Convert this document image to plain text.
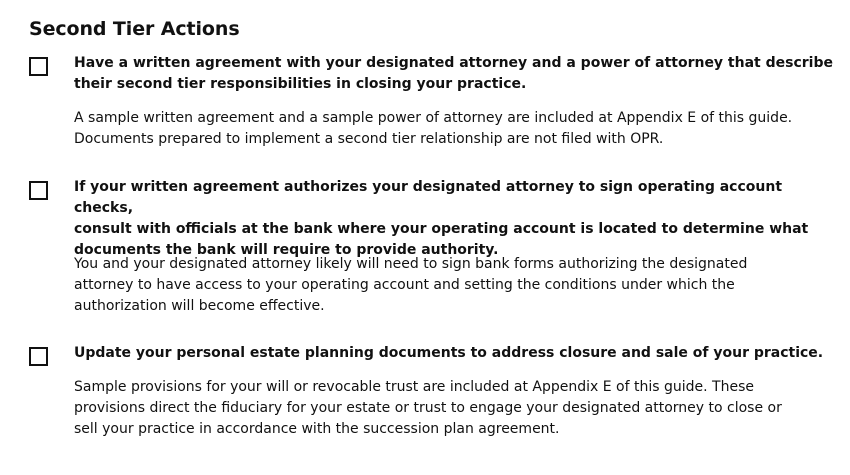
Second Tier Actions

Have a written agreement with your designated attorney and a power of attorney that describe
their second tier responsibilities in closing your practice.

A sample written agreement and a sample power of attorney are included at Appendix E of this guide.
Documents prepared to implement a second tier relationship are not filed with OPR.

If your written agreement authorizes your designated attorney to sign operating account checks,
consult with officials at the bank where your operating account is located to determine what
documents the bank will require to provide authority.

You and your designated attorney likely will need to sign bank forms authorizing the designated
attorney to have access to your operating account and setting the conditions under which the
authorization will become effective.

Update your personal estate planning documents to address closure and sale of your practice.

Sample provisions for your will or revocable trust are included at Appendix E of this guide. These
provisions direct the fiduciary for your estate or trust to engage your designated attorney to close or
sell your practice in accordance with the succession plan agreement.
